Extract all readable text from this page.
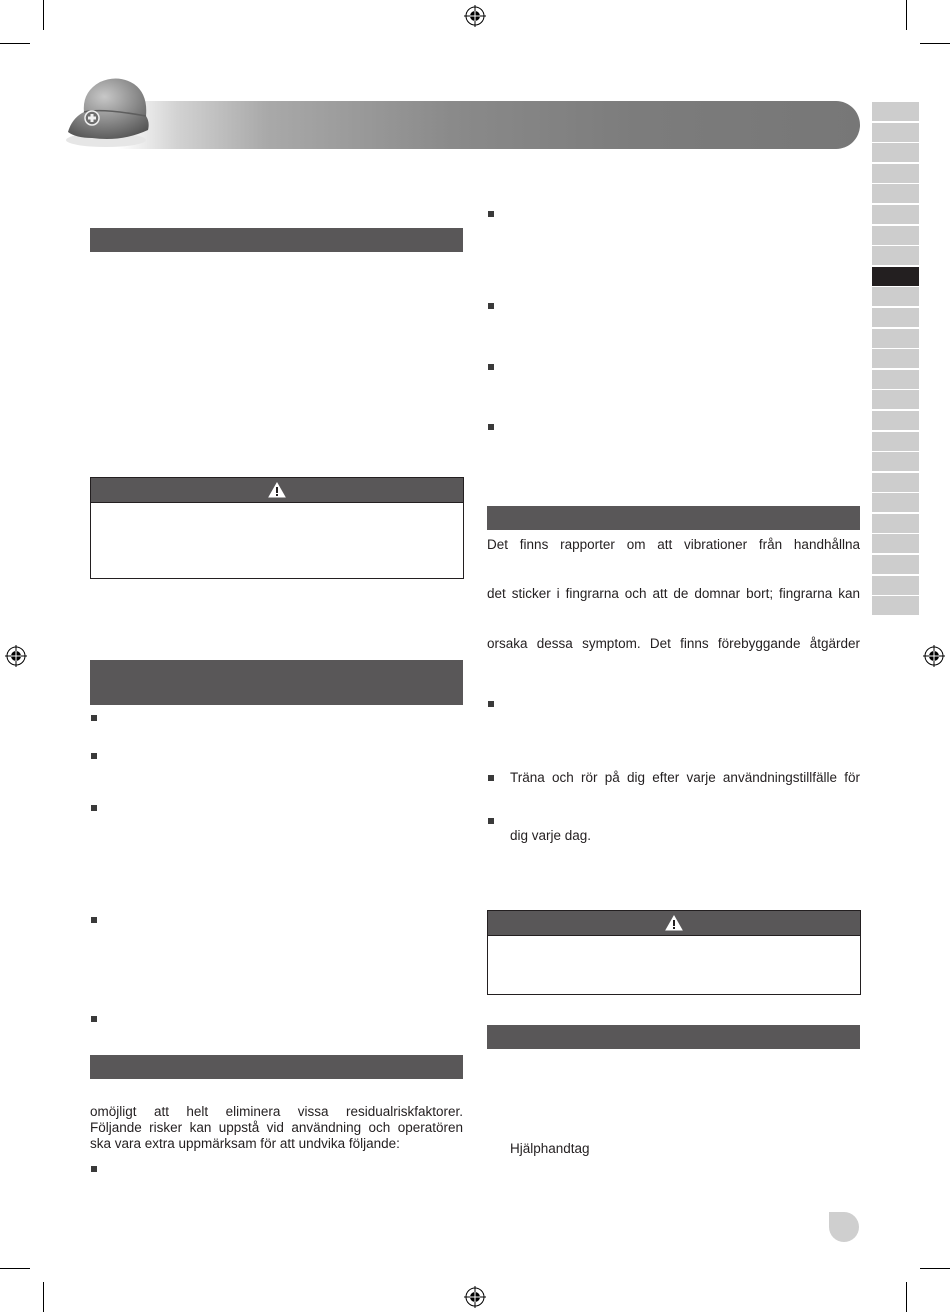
omöjligt att helt eliminera vissa residualriskfaktorer.
Följande risker kan uppstå vid användning och operatören
ska vara extra uppmärksam för att undvika följande:
Det finns rapporter om att vibrationer från handhållna
det sticker i fingrarna och att de domnar bort; fingrarna kan
orsaka dessa symptom. Det finns förebyggande åtgärder
Träna och rör på dig efter varje användningstillfälle för
dig varje dag.
Hjälphandtag
